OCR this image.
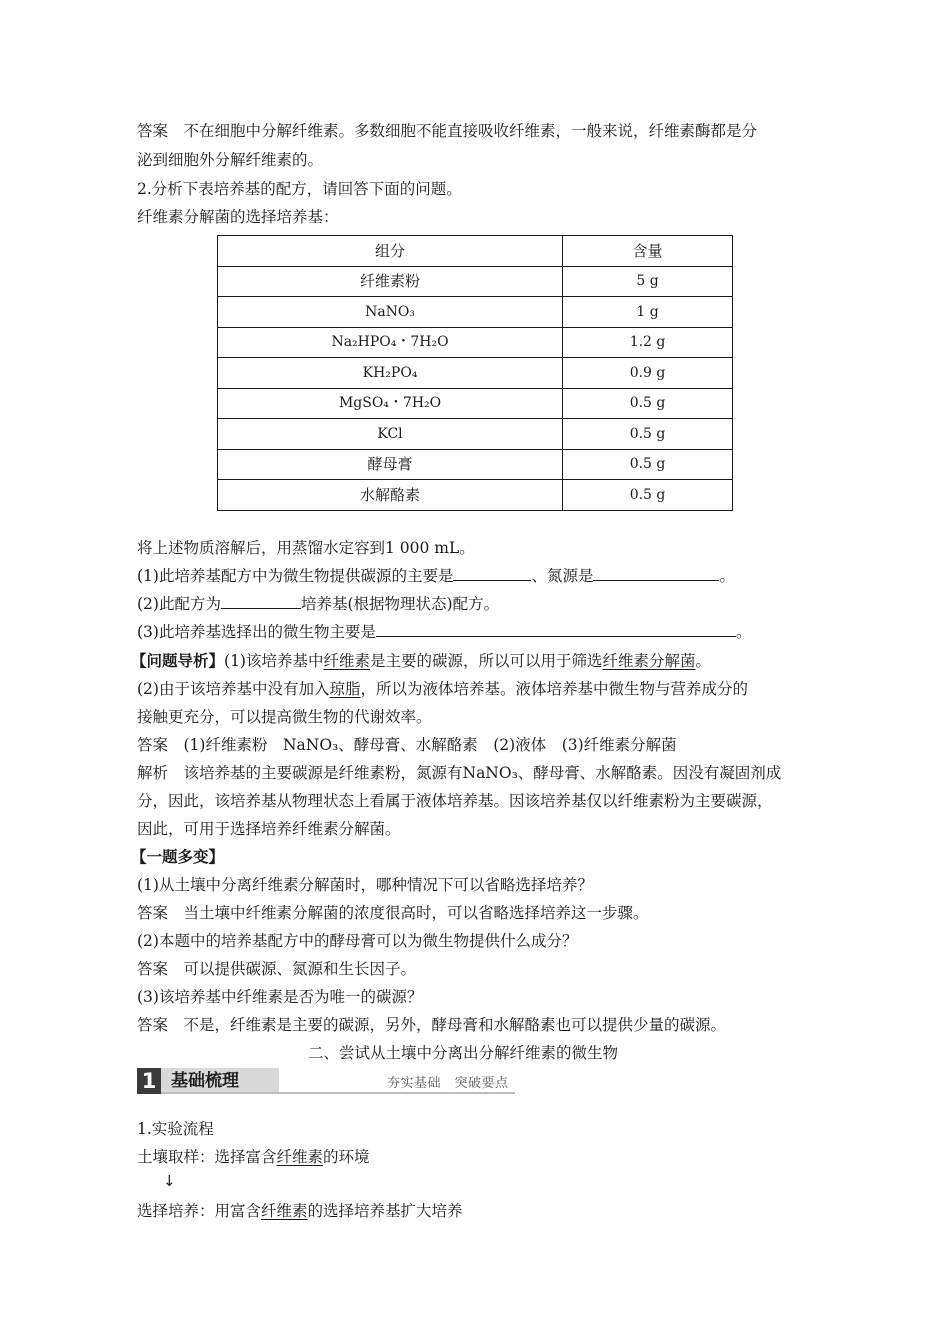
答案　不在细胞中分解纤维素。多数细胞不能直接吸收纤维素，一般来说，纤维素酶都是分
泌到细胞外分解纤维素的。
2.分析下表培养基的配方，请回答下面的问题。
纤维素分解菌的选择培养基：
组分	含量
纤维素粉	5 g
NaNO₃	1 g
Na₂HPO₄・7H₂O	1.2 g
KH₂PO₄	0.9 g
MgSO₄・7H₂O	0.5 g
KCl	0.5 g
酵母膏	0.5 g
水解酪素	0.5 g
将上述物质溶解后，用蒸馏水定容到1 000 mL。
(1)此培养基配方中为微生物提供碳源的主要是	、氮源是	。
(2)此配方为	培养基(根据物理状态)配方。
(3)此培养基选择出的微生物主要是	。
【问题导析】(1)该培养基中纤维素是主要的碳源，所以可以用于筛选纤维素分解菌。
(2)由于该培养基中没有加入琼脂，所以为液体培养基。液体培养基中微生物与营养成分的
接触更充分，可以提高微生物的代谢效率。
答案　(1)纤维素粉　NaNO₃、酵母膏、水解酪素　(2)液体　(3)纤维素分解菌
解析　该培养基的主要碳源是纤维素粉，氮源有NaNO₃、酵母膏、水解酪素。因没有凝固剂成
分，因此，该培养基从物理状态上看属于液体培养基。因该培养基仅以纤维素粉为主要碳源，
因此，可用于选择培养纤维素分解菌。
【一题多变】
(1)从土壤中分离纤维素分解菌时，哪种情况下可以省略选择培养？
答案　当土壤中纤维素分解菌的浓度很高时，可以省略选择培养这一步骤。
(2)本题中的培养基配方中的酵母膏可以为微生物提供什么成分？
答案　可以提供碳源、氮源和生长因子。
(3)该培养基中纤维素是否为唯一的碳源？
答案　不是，纤维素是主要的碳源，另外，酵母膏和水解酪素也可以提供少量的碳源。
二、尝试从土壤中分离出分解纤维素的微生物
1 基础梳理	夯实基础　突破要点
1.实验流程
土壤取样：选择富含纤维素的环境
↓
选择培养：用富含纤维素的选择培养基扩大培养
